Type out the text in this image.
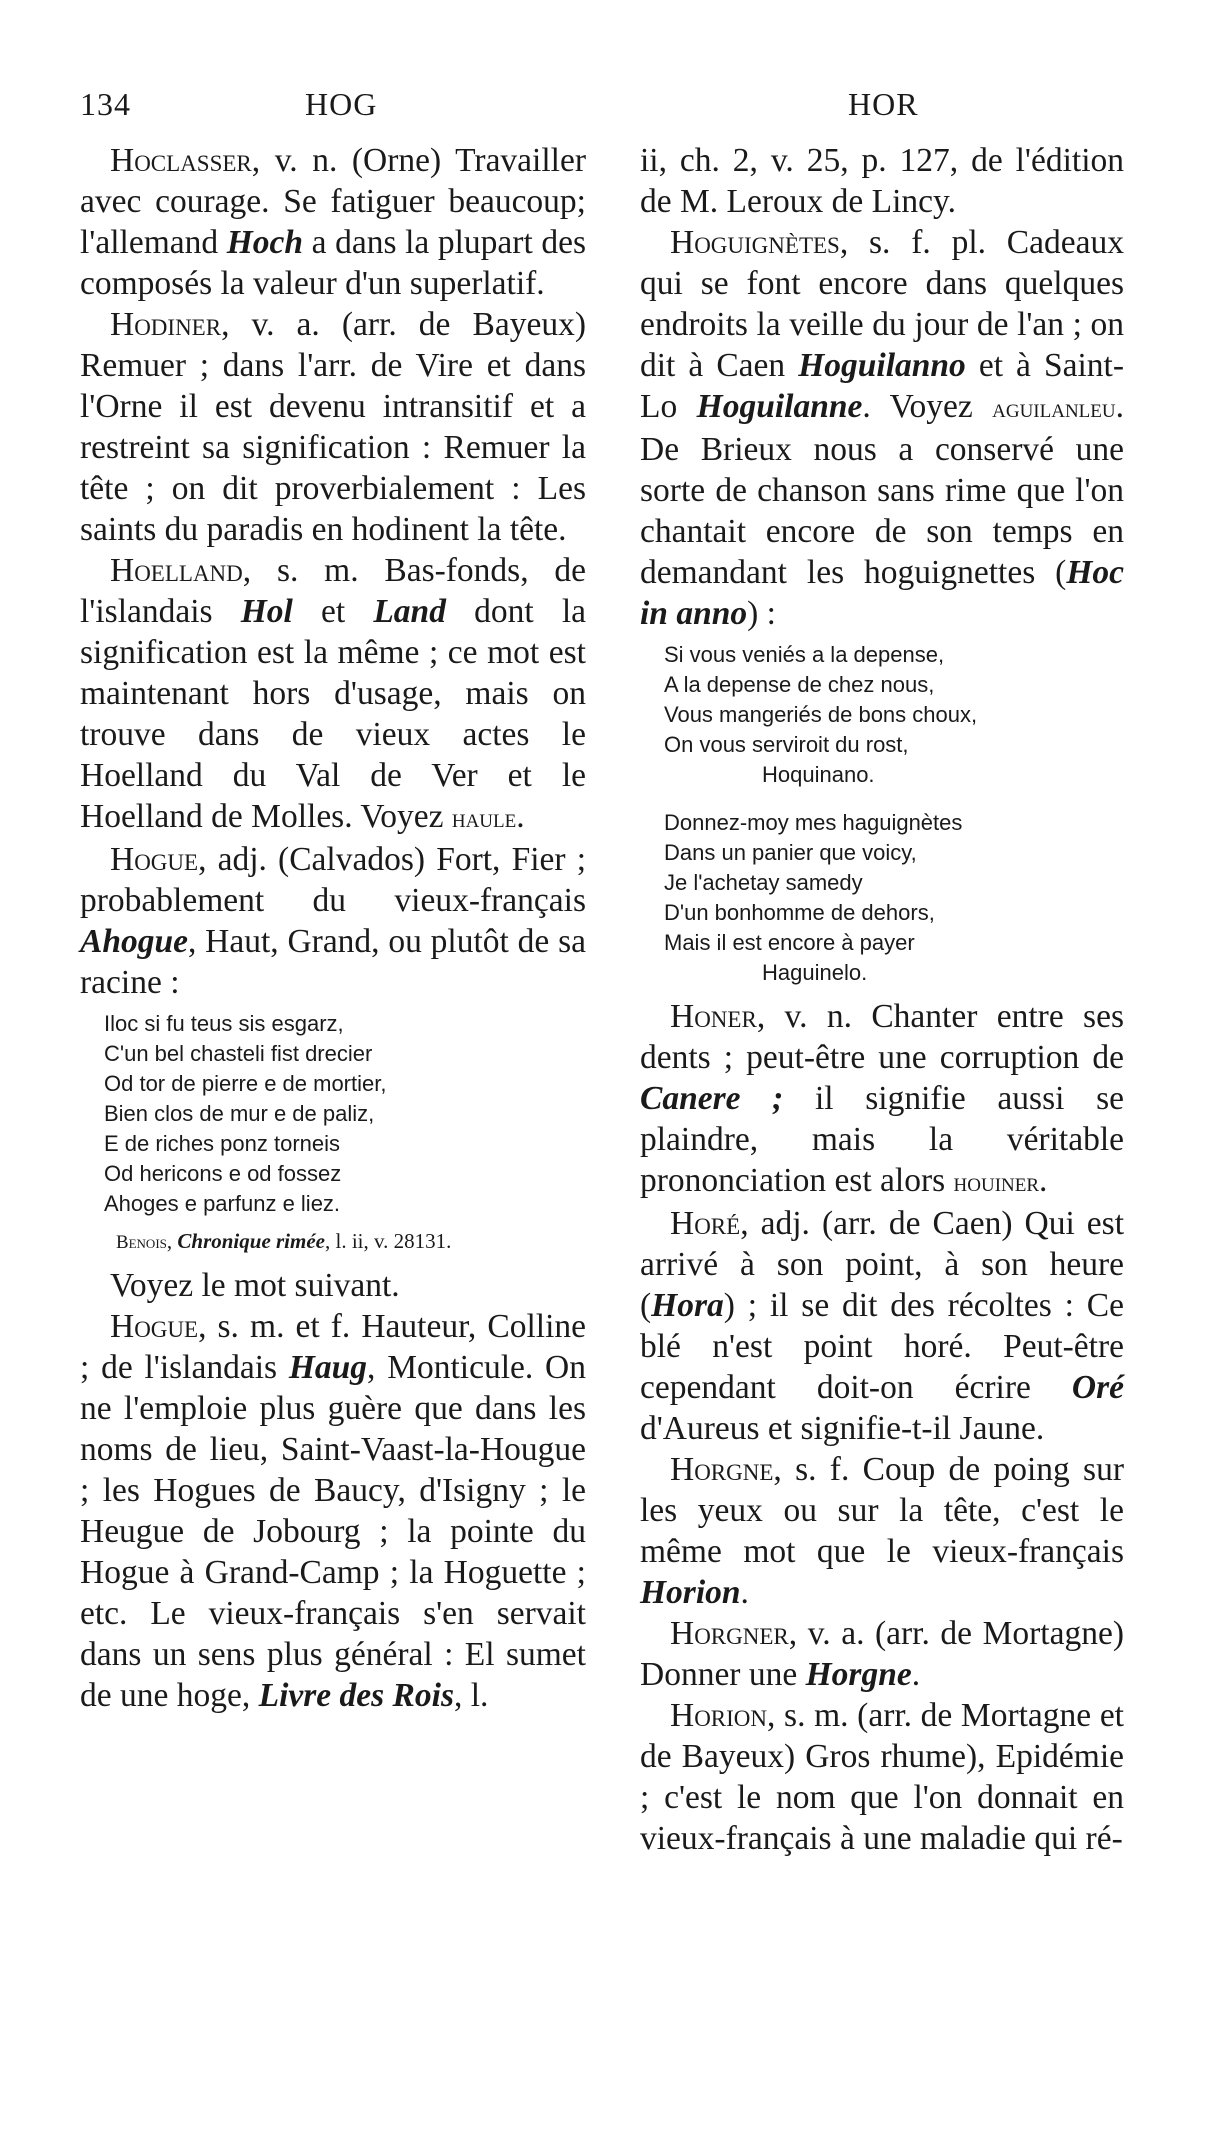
134	HOG	HOR

Hoclasser, v. n. (Orne) Travailler avec courage. Se fatiguer beaucoup; l'allemand Hoch a dans la plupart des composés la valeur d'un superlatif.

Hodiner, v. a. (arr. de Bayeux) Remuer ; dans l'arr. de Vire et dans l'Orne il est devenu intransitif et a restreint sa signification : Remuer la tête ; on dit proverbialement : Les saints du paradis en hodinent la tête.

Hoelland, s. m. Bas-fonds, de l'islandais Hol et Land dont la signification est la même ; ce mot est maintenant hors d'usage, mais on trouve dans de vieux actes le Hoelland du Val de Ver et le Hoelland de Molles. Voyez haule.

Hogue, adj. (Calvados) Fort, Fier ; probablement du vieux-français Ahogue, Haut, Grand, ou plutôt de sa racine :

Iloc si fu teus sis esgarz,
C'un bel chasteli fist drecier
Od tor de pierre e de mortier,
Bien clos de mur e de paliz,
E de riches ponz torneis
Od hericons e od fossez
Ahoges e parfunz e liez.
Benois, Chronique rimée, l. ii, v. 28131.

Voyez le mot suivant.

Hogue, s. m. et f. Hauteur, Colline ; de l'islandais Haug, Monticule. On ne l'emploie plus guère que dans les noms de lieu, Saint-Vaast-la-Hougue ; les Hogues de Baucy, d'Isigny ; le Heugue de Jobourg ; la pointe du Hogue à Grand-Camp ; la Hoguette ; etc. Le vieux-français s'en servait dans un sens plus général : El sumet de une hoge, Livre des Rois, l.

ii, ch. 2, v. 25, p. 127, de l'édition de M. Leroux de Lincy.

Hoguignètes, s. f. pl. Cadeaux qui se font encore dans quelques endroits la veille du jour de l'an ; on dit à Caen Hoguilanno et à Saint-Lo Hoguilanne. Voyez aguilanleu. De Brieux nous a conservé une sorte de chanson sans rime que l'on chantait encore de son temps en demandant les hoguignettes (Hoc in anno) :

Si vous veniés a la depense,
A la depense de chez nous,
Vous mangeriés de bons choux,
On vous serviroit du rost,
Hoquinano.
Donnez-moy mes haguignètes
Dans un panier que voicy,
Je l'achetay samedy
D'un bonhomme de dehors,
Mais il est encore à payer
Haguinelo.

Honer, v. n. Chanter entre ses dents ; peut-être une corruption de Canere ; il signifie aussi se plaindre, mais la véritable prononciation est alors houiner.

Horé, adj. (arr. de Caen) Qui est arrivé à son point, à son heure (Hora) ; il se dit des récoltes : Ce blé n'est point horé. Peut-être cependant doit-on écrire Oré d'Aureus et signifie-t-il Jaune.

Horgne, s. f. Coup de poing sur les yeux ou sur la tête, c'est le même mot que le vieux-français Horion.

Horgner, v. a. (arr. de Mortagne) Donner une Horgne.

Horion, s. m. (arr. de Mortagne et de Bayeux) Gros rhume), Epidémie ; c'est le nom que l'on donnait en vieux-français à une maladie qui ré-
